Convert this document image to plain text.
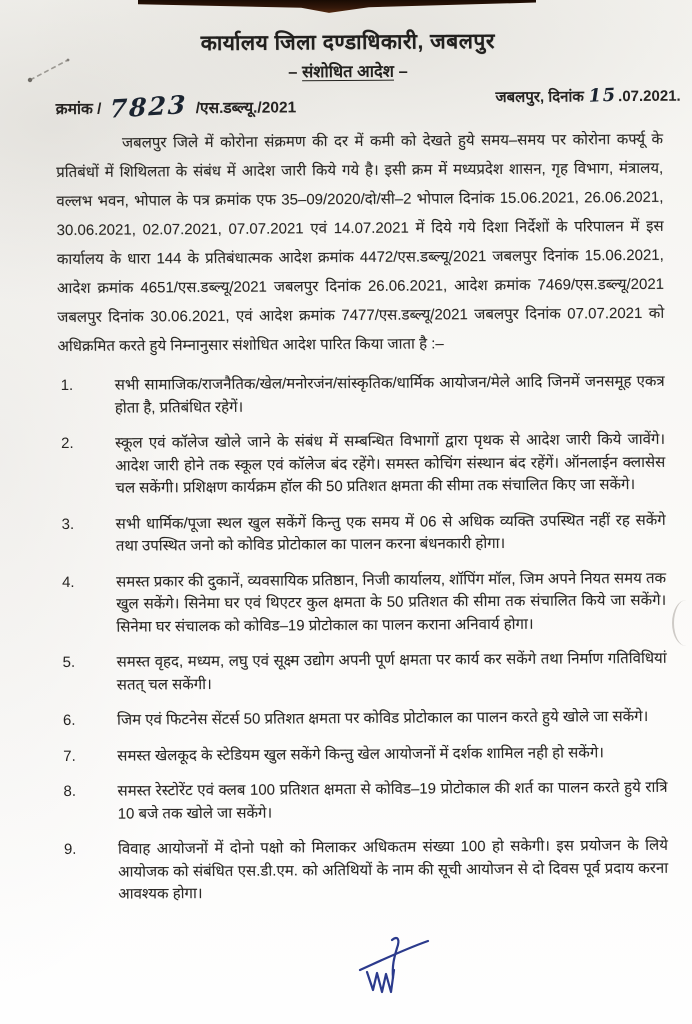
कार्यालय जिला दण्डाधिकारी, जबलपुर
– संशोधित आदेश –
क्रमांक / 7823 /एस.डब्ल्यू./2021
जबलपुर, दिनांक 15.07.2021.

जबलपुर जिले में कोरोना संक्रमण की दर में कमी को देखते हुये समय–समय पर कोरोना कर्फ्यू के प्रतिबंधों में शिथिलता के संबंध में आदेश जारी किये गये है। इसी क्रम में मध्यप्रदेश शासन, गृह विभाग, मंत्रालय, वल्लभ भवन, भोपाल के पत्र क्रमांक एफ 35–09/2020/दो/सी–2 भोपाल दिनांक 15.06.2021, 26.06.2021, 30.06.2021, 02.07.2021, 07.07.2021 एवं 14.07.2021 में दिये गये दिशा निर्देशों के परिपालन में इस कार्यालय के धारा 144 के प्रतिबंधात्मक आदेश क्रमांक 4472/एस.डब्ल्यू/2021 जबलपुर दिनांक 15.06.2021, आदेश क्रमांक 4651/एस.डब्ल्यू/2021 जबलपुर दिनांक 26.06.2021, आदेश क्रमांक 7469/एस.डब्ल्यू/2021 जबलपुर दिनांक 30.06.2021, एवं आदेश क्रमांक 7477/एस.डब्ल्यू/2021 जबलपुर दिनांक 07.07.2021 को अधिक्रमित करते हुये निम्नानुसार संशोधित आदेश पारित किया जाता है :–

1.	सभी सामाजिक/राजनैतिक/खेल/मनोरजंन/सांस्कृतिक/धार्मिक आयोजन/मेले आदि जिनमें जनसमूह एकत्र होता है, प्रतिबंधित रहेगें।
2.	स्कूल एवं कॉलेज खोले जाने के संबंध में सम्बन्धित विभागों द्वारा पृथक से आदेश जारी किये जावेंगे। आदेश जारी होने तक स्कूल एवं कॉलेज बंद रहेंगे। समस्त कोचिंग संस्थान बंद रहेंगें। ऑनलाईन क्लासेस चल सकेंगी। प्रशिक्षण कार्यक्रम हॉल की 50 प्रतिशत क्षमता की सीमा तक संचालित किए जा सकेंगे।
3.	सभी धार्मिक/पूजा स्थल खुल सकेंगें किन्तु एक समय में 06 से अधिक व्यक्ति उपस्थित नहीं रह सकेंगे तथा उपस्थित जनो को कोविड प्रोटोकाल का पालन करना बंधनकारी होगा।
4.	समस्त प्रकार की दुकानें, व्यवसायिक प्रतिष्ठान, निजी कार्यालय, शॉपिंग मॉल, जिम अपने नियत समय तक खुल सकेंगे। सिनेमा घर एवं थिएटर कुल क्षमता के 50 प्रतिशत की सीमा तक संचालित किये जा सकेंगे। सिनेमा घर संचालक को कोविड–19 प्रोटोकाल का पालन कराना अनिवार्य होगा।
5.	समस्त वृहद, मध्यम, लघु एवं सूक्ष्म उद्योग अपनी पूर्ण क्षमता पर कार्य कर सकेंगे तथा निर्माण गतिविधियां सतत् चल सकेंगी।
6.	जिम एवं फिटनेस सेंटर्स 50 प्रतिशत क्षमता पर कोविड प्रोटोकाल का पालन करते हुये खोले जा सकेंगे।
7.	समस्त खेलकूद के स्टेडियम खुल सकेंगे किन्तु खेल आयोजनों में दर्शक शामिल नही हो सकेंगे।
8.	समस्त रेस्टोरेंट एवं क्लब 100 प्रतिशत क्षमता से कोविड–19 प्रोटोकाल की शर्त का पालन करते हुये रात्रि 10 बजे तक खोले जा सकेंगे।
9.	विवाह आयोजनों में दोनो पक्षो को मिलाकर अधिकतम संख्या 100 हो सकेगी। इस प्रयोजन के लिये आयोजक को संबंधित एस.डी.एम. को अतिथियों के नाम की सूची आयोजन से दो दिवस पूर्व प्रदाय करना आवश्यक होगा।
